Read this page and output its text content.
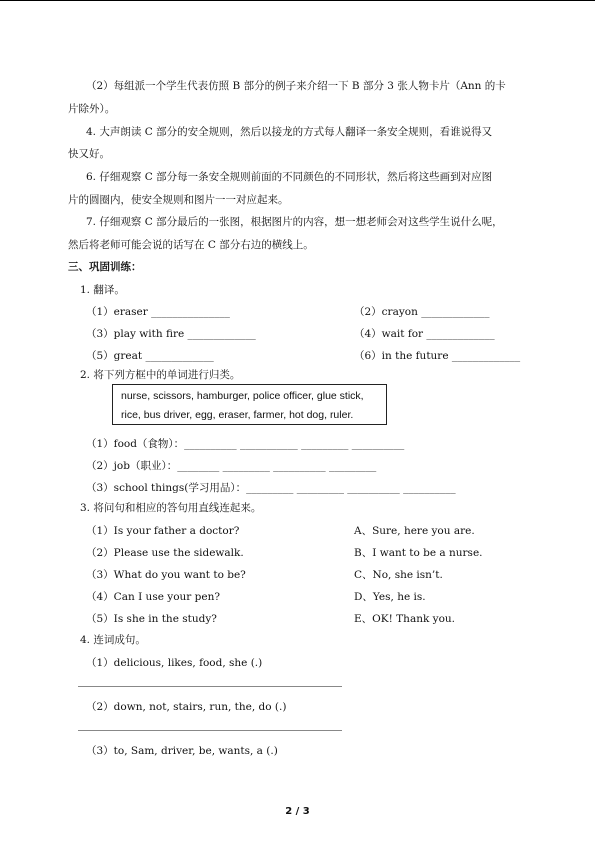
（2）每组派一个学生代表仿照 B 部分的例子来介绍一下 B 部分 3 张人物卡片（Ann 的卡
片除外）。
4. 大声朗读 C 部分的安全规则，然后以接龙的方式每人翻译一条安全规则，看谁说得又
快又好。
6. 仔细观察 C 部分每一条安全规则前面的不同颜色的不同形状，然后将这些画到对应图
片的圆圈内，使安全规则和图片一一对应起来。
7. 仔细观察 C 部分最后的一张图，根据图片的内容，想一想老师会对这些学生说什么呢，
然后将老师可能会说的话写在 C 部分右边的横线上。
三、巩固训练：
1. 翻译。
（1）eraser _______________	（2）crayon _____________
（3）play with fire _____________	（4）wait for _____________
（5）great _____________	（6）in the future _____________
2. 将下列方框中的单词进行归类。
nurse, scissors, hamburger, police officer, glue stick,
rice, bus driver, egg, eraser, farmer, hot dog, ruler.
（1）food（食物）：__________ ___________ _________ __________
（2）job（职业）：________ _________ __________ _________
（3）school things(学习用品）：_________ _________ __________ __________
3. 将问句和相应的答句用直线连起来。
（1）Is your father a doctor?	A、Sure, here you are.
（2）Please use the sidewalk.	B、I want to be a nurse.
（3）What do you want to be?	C、No, she isn’t.
（4）Can I use your pen?	D、Yes, he is.
（5）Is she in the study?	E、OK! Thank you.
4. 连词成句。
（1）delicious, likes, food, she (.)
（2）down, not, stairs, run, the, do (.)
（3）to, Sam, driver, be, wants, a (.)
2 / 3
